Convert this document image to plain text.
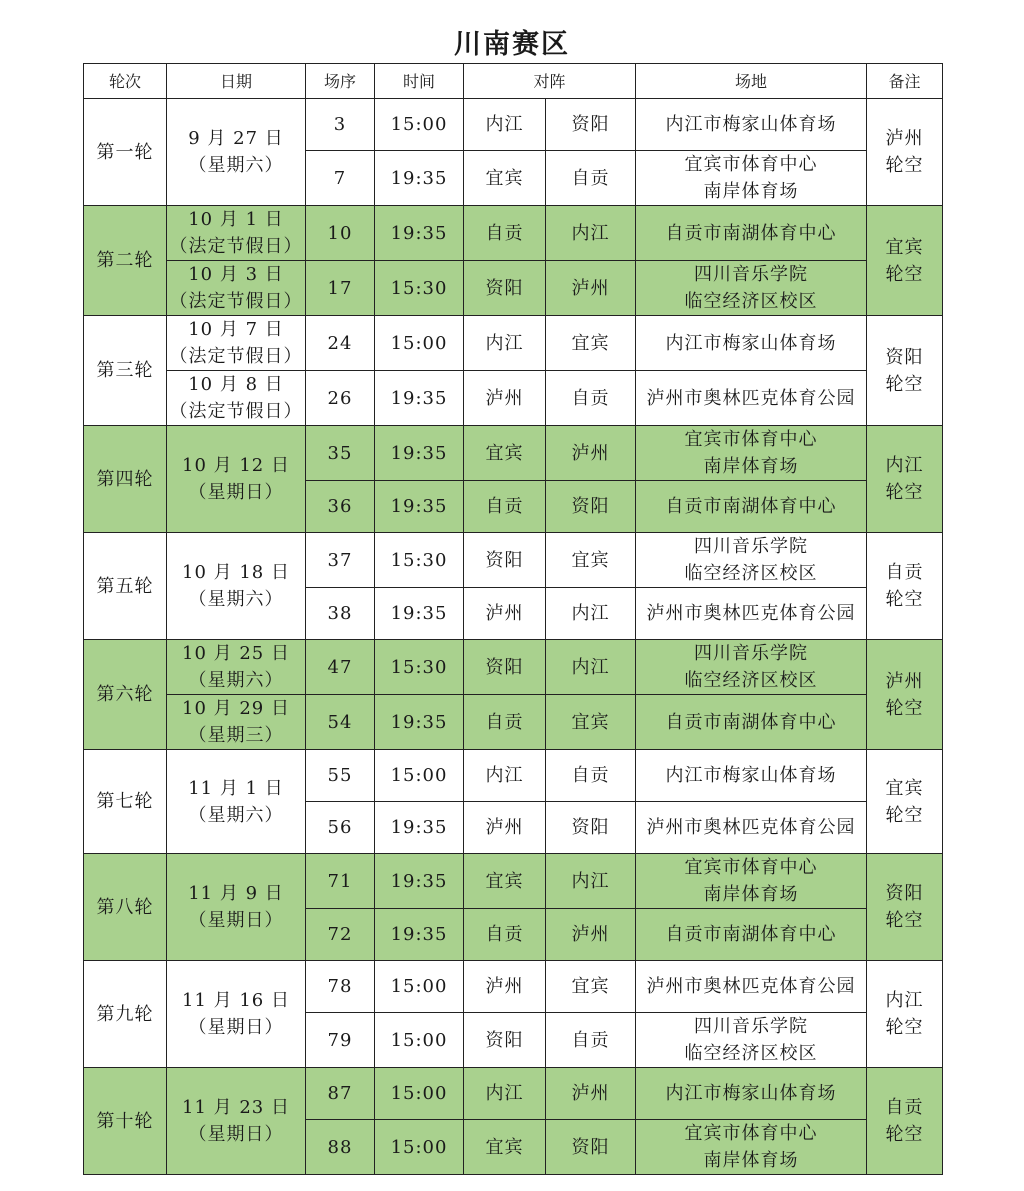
川南赛区
轮次	日期	场序	时间	对阵		场地	备注
第一轮	9 月 27 日
（星期六）	3	15:00	内江	资阳	内江市梅家山体育场	泸州
轮空

		7	19:35	宜宾	自贡	宜宾市体育中心
南岸体育场	

第二轮	10 月 1 日
（法定节假日）	10	19:35	自贡	内江	自贡市南湖体育中心	宜宾
轮空

	10 月 3 日
（法定节假日）	17	15:30	资阳	泸州	四川音乐学院
临空经济区校区	

第三轮	10 月 7 日
（法定节假日）	24	15:00	内江	宜宾	内江市梅家山体育场	资阳
轮空

	10 月 8 日
（法定节假日）	26	19:35	泸州	自贡	泸州市奥林匹克体育公园	

第四轮	10 月 12 日
（星期日）	35	19:35	宜宾	泸州	宜宾市体育中心
南岸体育场	内江
轮空

		36	19:35	自贡	资阳	自贡市南湖体育中心	

第五轮	10 月 18 日
（星期六）	37	15:30	资阳	宜宾	四川音乐学院
临空经济区校区	自贡
轮空

		38	19:35	泸州	内江	泸州市奥林匹克体育公园	

第六轮	10 月 25 日
（星期六）	47	15:30	资阳	内江	四川音乐学院
临空经济区校区	泸州
轮空

	10 月 29 日
（星期三）	54	19:35	自贡	宜宾	自贡市南湖体育中心	

第七轮	11 月 1 日
（星期六）	55	15:00	内江	自贡	内江市梅家山体育场	宜宾
轮空

		56	19:35	泸州	资阳	泸州市奥林匹克体育公园	

第八轮	11 月 9 日
（星期日）	71	19:35	宜宾	内江	宜宾市体育中心
南岸体育场	资阳
轮空

		72	19:35	自贡	泸州	自贡市南湖体育中心	

第九轮	11 月 16 日
（星期日）	78	15:00	泸州	宜宾	泸州市奥林匹克体育公园	内江
轮空

		79	15:00	资阳	自贡	四川音乐学院
临空经济区校区	

第十轮	11 月 23 日
（星期日）	87	15:00	内江	泸州	内江市梅家山体育场	自贡
轮空

		88	15:00	宜宾	资阳	宜宾市体育中心
南岸体育场	
